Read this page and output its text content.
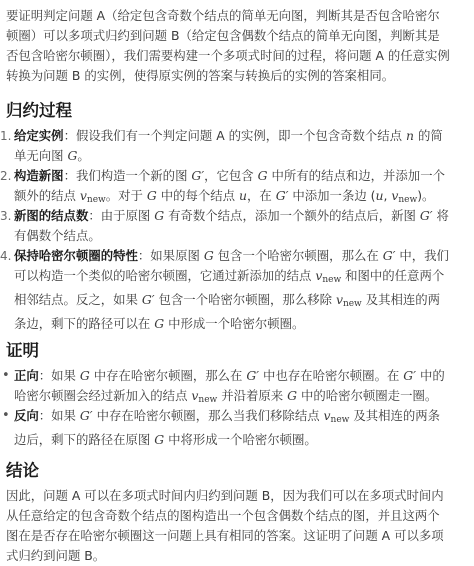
要证明判定问题 A（给定包含奇数个结点的简单无向图，判断其是否包含哈密尔顿圈）可以多项式归约到问题 B（给定包含偶数个结点的简单无向图，判断其是否包含哈密尔顿圈），我们需要构建一个多项式时间的过程，将问题 A 的任意实例转换为问题 B 的实例，使得原实例的答案与转换后的实例的答案相同。

归约过程

1. 给定实例：假设我们有一个判定问题 A 的实例，即一个包含奇数个结点 n 的简单无向图 G。

2. 构造新图：我们构造一个新的图 G′，它包含 G 中所有的结点和边，并添加一个额外的结点 $v_{new}$。对于 G 中的每个结点 u，在 G′ 中添加一条边 (u, $v_{new}$)。

3. 新图的结点数：由于原图 G 有奇数个结点，添加一个额外的结点后，新图 G′ 将有偶数个结点。

4. 保持哈密尔顿圈的特性：如果原图 G 包含一个哈密尔顿圈，那么在 G′ 中，我们可以构造一个类似的哈密尔顿圈，它通过新添加的结点 $v_{new}$ 和图中的任意两个相邻结点。反之，如果 G′ 包含一个哈密尔顿圈，那么移除 $v_{new}$ 及其相连的两条边，剩下的路径可以在 G 中形成一个哈密尔顿圈。

证明

• 正向：如果 G 中存在哈密尔顿圈，那么在 G′ 中也存在哈密尔顿圈。在 G′ 中的哈密尔顿圈会经过新加入的结点 $v_{new}$ 并沿着原来 G 中的哈密尔顿圈走一圈。

• 反向：如果 G′ 中存在哈密尔顿圈，那么当我们移除结点 $v_{new}$ 及其相连的两条边后，剩下的路径在原图 G 中将形成一个哈密尔顿圈。

结论

因此，问题 A 可以在多项式时间内归约到问题 B，因为我们可以在多项式时间内从任意给定的包含奇数个结点的图构造出一个包含偶数个结点的图，并且这两个图在是否存在哈密尔顿圈这一问题上具有相同的答案。这证明了问题 A 可以多项式归约到问题 B。
